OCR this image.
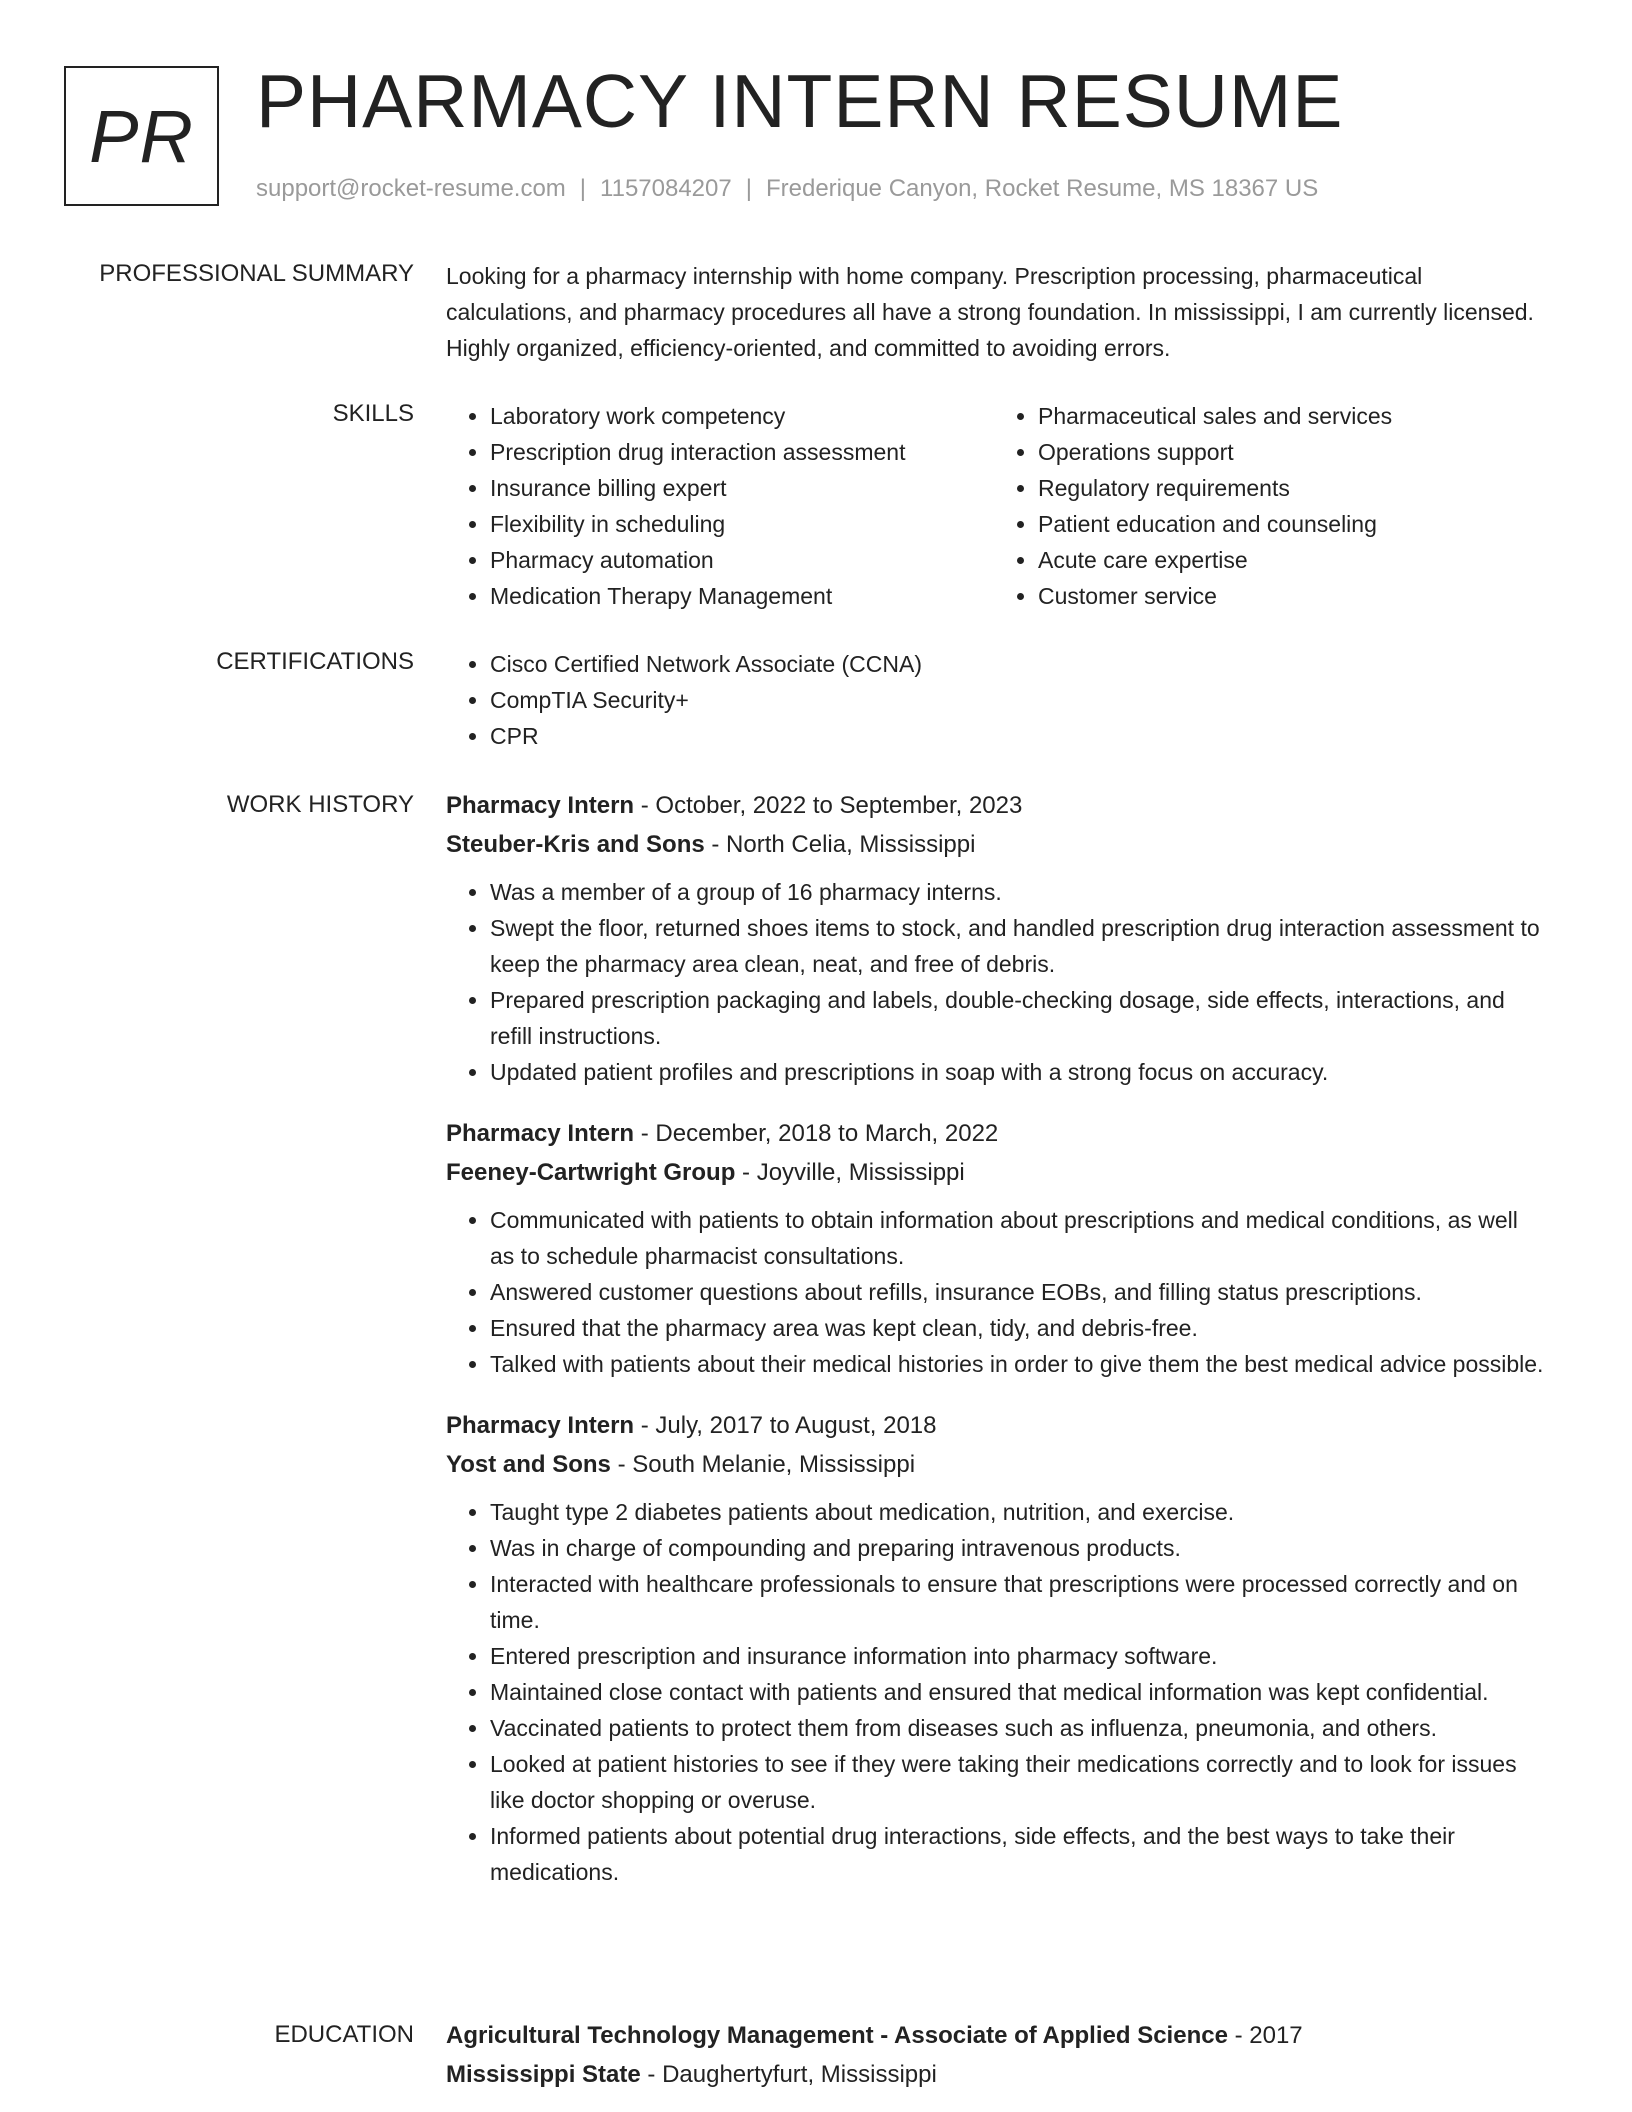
PR PHARMACY INTERN RESUME
support@rocket-resume.com | 1157084207 | Frederique Canyon, Rocket Resume, MS 18367 US
PROFESSIONAL SUMMARY Looking for a pharmacy internship with home company. Prescription processing, pharmaceutical calculations, and pharmacy procedures all have a strong foundation. In mississippi, I am currently licensed. Highly organized, efficiency-oriented, and committed to avoiding errors.

SKILLS	• Laboratory work competency
• Prescription drug interaction assessment
• Insurance billing expert
• Flexibility in scheduling
• Pharmacy automation
• Medication Therapy Management
• Pharmaceutical sales and services
• Operations support
• Regulatory requirements
• Patient education and counseling
• Acute care expertise
• Customer service
CERTIFICATIONS	• Cisco Certified Network Associate (CCNA)
• CompTIA Security+
• CPR
WORK HISTORY Pharmacy Intern - October, 2022 to September, 2023
Steuber-Kris and Sons - North Celia, Mississippi
• Was a member of a group of 16 pharmacy interns.
• Swept the floor, returned shoes items to stock, and handled prescription drug interaction assessment to keep the pharmacy area clean, neat, and free of debris.
• Prepared prescription packaging and labels, double-checking dosage, side effects, interactions, and refill instructions.
• Updated patient profiles and prescriptions in soap with a strong focus on accuracy.
Pharmacy Intern - December, 2018 to March, 2022
Feeney-Cartwright Group - Joyville, Mississippi
• Communicated with patients to obtain information about prescriptions and medical conditions, as well as to schedule pharmacist consultations.
• Answered customer questions about refills, insurance EOBs, and filling status prescriptions.
• Ensured that the pharmacy area was kept clean, tidy, and debris-free.
• Talked with patients about their medical histories in order to give them the best medical advice possible.
Pharmacy Intern - July, 2017 to August, 2018
Yost and Sons - South Melanie, Mississippi
• Taught type 2 diabetes patients about medication, nutrition, and exercise.
• Was in charge of compounding and preparing intravenous products.
• Interacted with healthcare professionals to ensure that prescriptions were processed correctly and on time.
• Entered prescription and insurance information into pharmacy software.
• Maintained close contact with patients and ensured that medical information was kept confidential.
• Vaccinated patients to protect them from diseases such as influenza, pneumonia, and others.
• Looked at patient histories to see if they were taking their medications correctly and to look for issues like doctor shopping or overuse.
• Informed patients about potential drug interactions, side effects, and the best ways to take their medications.
EDUCATION Agricultural Technology Management - Associate of Applied Science - 2017
Mississippi State - Daughertyfurt, Mississippi
